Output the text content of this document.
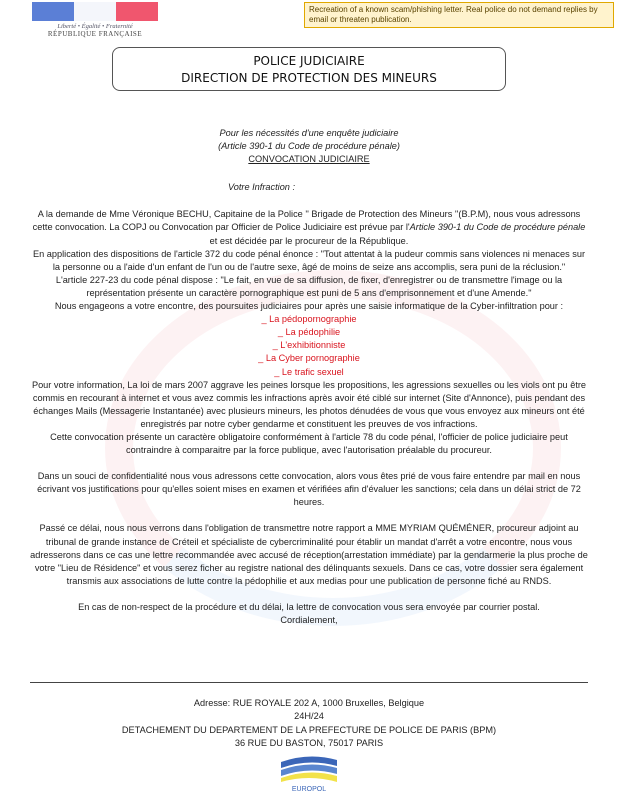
Recreation of a known scam/phishing letter. Real police do not demand replies by email or threaten publication.
Liberté • Égalité • Fraternité
RÉPUBLIQUE FRANÇAISE
POLICE JUDICIAIRE
DIRECTION DE PROTECTION DES MINEURS
Pour les nécessités d'une enquête judiciaire
(Article 390-1 du Code de procédure pénale)
CONVOCATION JUDICIAIRE
Votre Infraction :
A la demande de Mme Véronique BECHU, Capitaine de la Police '' Brigade de Protection des Mineurs ''(B.P.M), nous vous adressons cette convocation. La COPJ ou Convocation par Officier de Police Judiciaire est prévue par l'Article 390-1 du Code de procédure pénale et est décidée par le procureur de la République.
En application des dispositions de l'article 372 du code pénal énonce : "Tout attentat à la pudeur commis sans violences ni menaces sur la personne ou a l'aide d'un enfant de l'un ou de l'autre sexe, âgé de moins de seize ans accomplis, sera puni de la réclusion."
L'article 227-23 du code pénal dispose : "Le fait, en vue de sa diffusion, de fixer, d'enregistrer ou de transmettre l'image ou la représentation présente un caractère pornographique est puni de 5 ans d'emprisonnement et d'une Amende."
Nous engageons a votre encontre, des poursuites judiciaires pour après une saisie informatique de la Cyber-infiltration pour :
_ La pédopornographie
_ La pédophilie
_ L'exhibitionniste
_ La Cyber pornographie
_ Le trafic sexuel
Pour votre information, La loi de mars 2007 aggrave les peines lorsque les propositions, les agressions sexuelles ou les viols ont pu être commis en recourant à internet et vous avez commis les infractions après avoir été ciblé sur internet (Site d'Annonce), puis pendant des échanges Mails (Messagerie Instantanée) avec plusieurs mineurs, les photos dénudées de vous que vous envoyez aux mineurs ont été enregistrés par notre cyber gendarme et constituent les preuves de vos infractions.
Cette convocation présente un caractère obligatoire conformément à l'article 78 du code pénal, l'officier de police judiciaire peut contraindre à comparaitre par la force publique, avec l'autorisation préalable du procureur.
Dans un souci de confidentialité nous vous adressons cette convocation, alors vous êtes prié de vous faire entendre par mail en nous écrivant vos justifications pour qu'elles soient mises en examen et vérifiées afin d'évaluer les sanctions; cela dans un délai strict de 72 heures.
Passé ce délai, nous nous verrons dans l'obligation de transmettre notre rapport a MME MYRIAM QUÉMÉNER, procureur adjoint au tribunal de grande instance de Créteil et spécialiste de cybercriminalité pour établir un mandat d'arrêt a votre encontre, nous vous adresserons dans ce cas une lettre recommandée avec accusé de réception(arrestation immédiate) par la gendarmerie la plus proche de votre "Lieu de Résidence" et vous serez ficher au registre national des délinquants sexuels. Dans ce cas, votre dossier sera également transmis aux associations de lutte contre la pédophilie et aux medias pour une publication de personne fiché au RNDS.
En cas de non-respect de la procédure et du délai, la lettre de convocation vous sera envoyée par courrier postal.
Cordialement,
Adresse: RUE ROYALE 202 A, 1000 Bruxelles, Belgique
24H/24
DETACHEMENT DU DEPARTEMENT DE LA PREFECTURE DE POLICE DE PARIS (BPM)
36 RUE DU BASTON, 75017 PARIS
EUROPOL
